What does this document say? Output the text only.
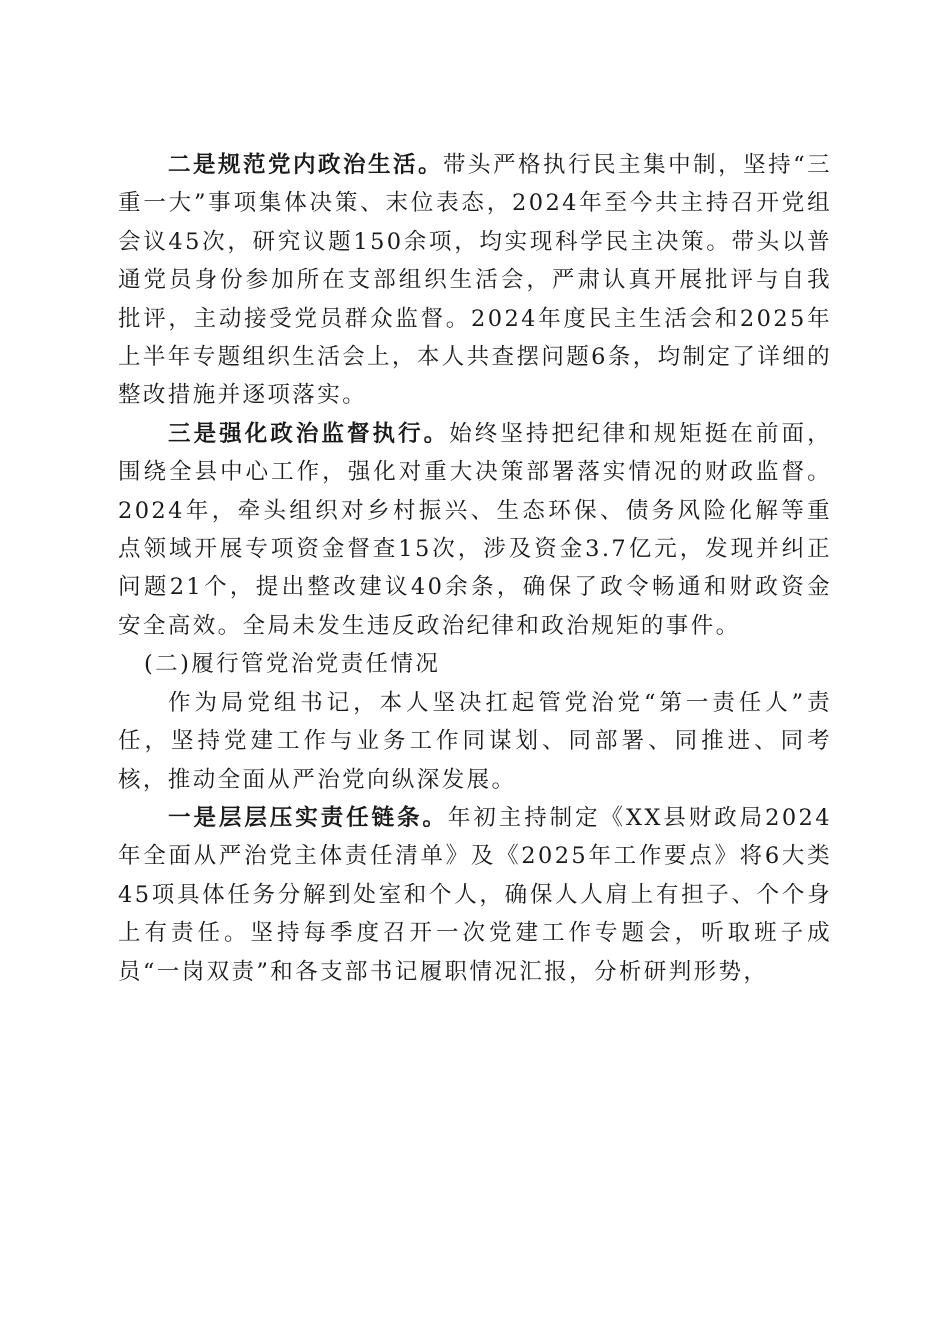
二是规范党内政治生活。带头严格执行民主集中制，坚持“三重一大”事项集体决策、末位表态，2024年至今共主持召开党组会议45次，研究议题150余项，均实现科学民主决策。带头以普通党员身份参加所在支部组织生活会，严肃认真开展批评与自我批评，主动接受党员群众监督。2024年度民主生活会和2025年上半年专题组织生活会上，本人共查摆问题6条，均制定了详细的整改措施并逐项落实。

三是强化政治监督执行。始终坚持把纪律和规矩挺在前面，围绕全县中心工作，强化对重大决策部署落实情况的财政监督。2024年，牵头组织对乡村振兴、生态环保、债务风险化解等重点领域开展专项资金督查15次，涉及资金3.7亿元，发现并纠正问题21个，提出整改建议40余条，确保了政令畅通和财政资金安全高效。全局未发生违反政治纪律和政治规矩的事件。

(二)履行管党治党责任情况

作为局党组书记，本人坚决扛起管党治党“第一责任人”责任，坚持党建工作与业务工作同谋划、同部署、同推进、同考核，推动全面从严治党向纵深发展。

一是层层压实责任链条。年初主持制定《XX县财政局2024年全面从严治党主体责任清单》及《2025年工作要点》将6大类45项具体任务分解到处室和个人，确保人人肩上有担子、个个身上有责任。坚持每季度召开一次党建工作专题会，听取班子成员“一岗双责”和各支部书记履职情况汇报，分析研判形势，
